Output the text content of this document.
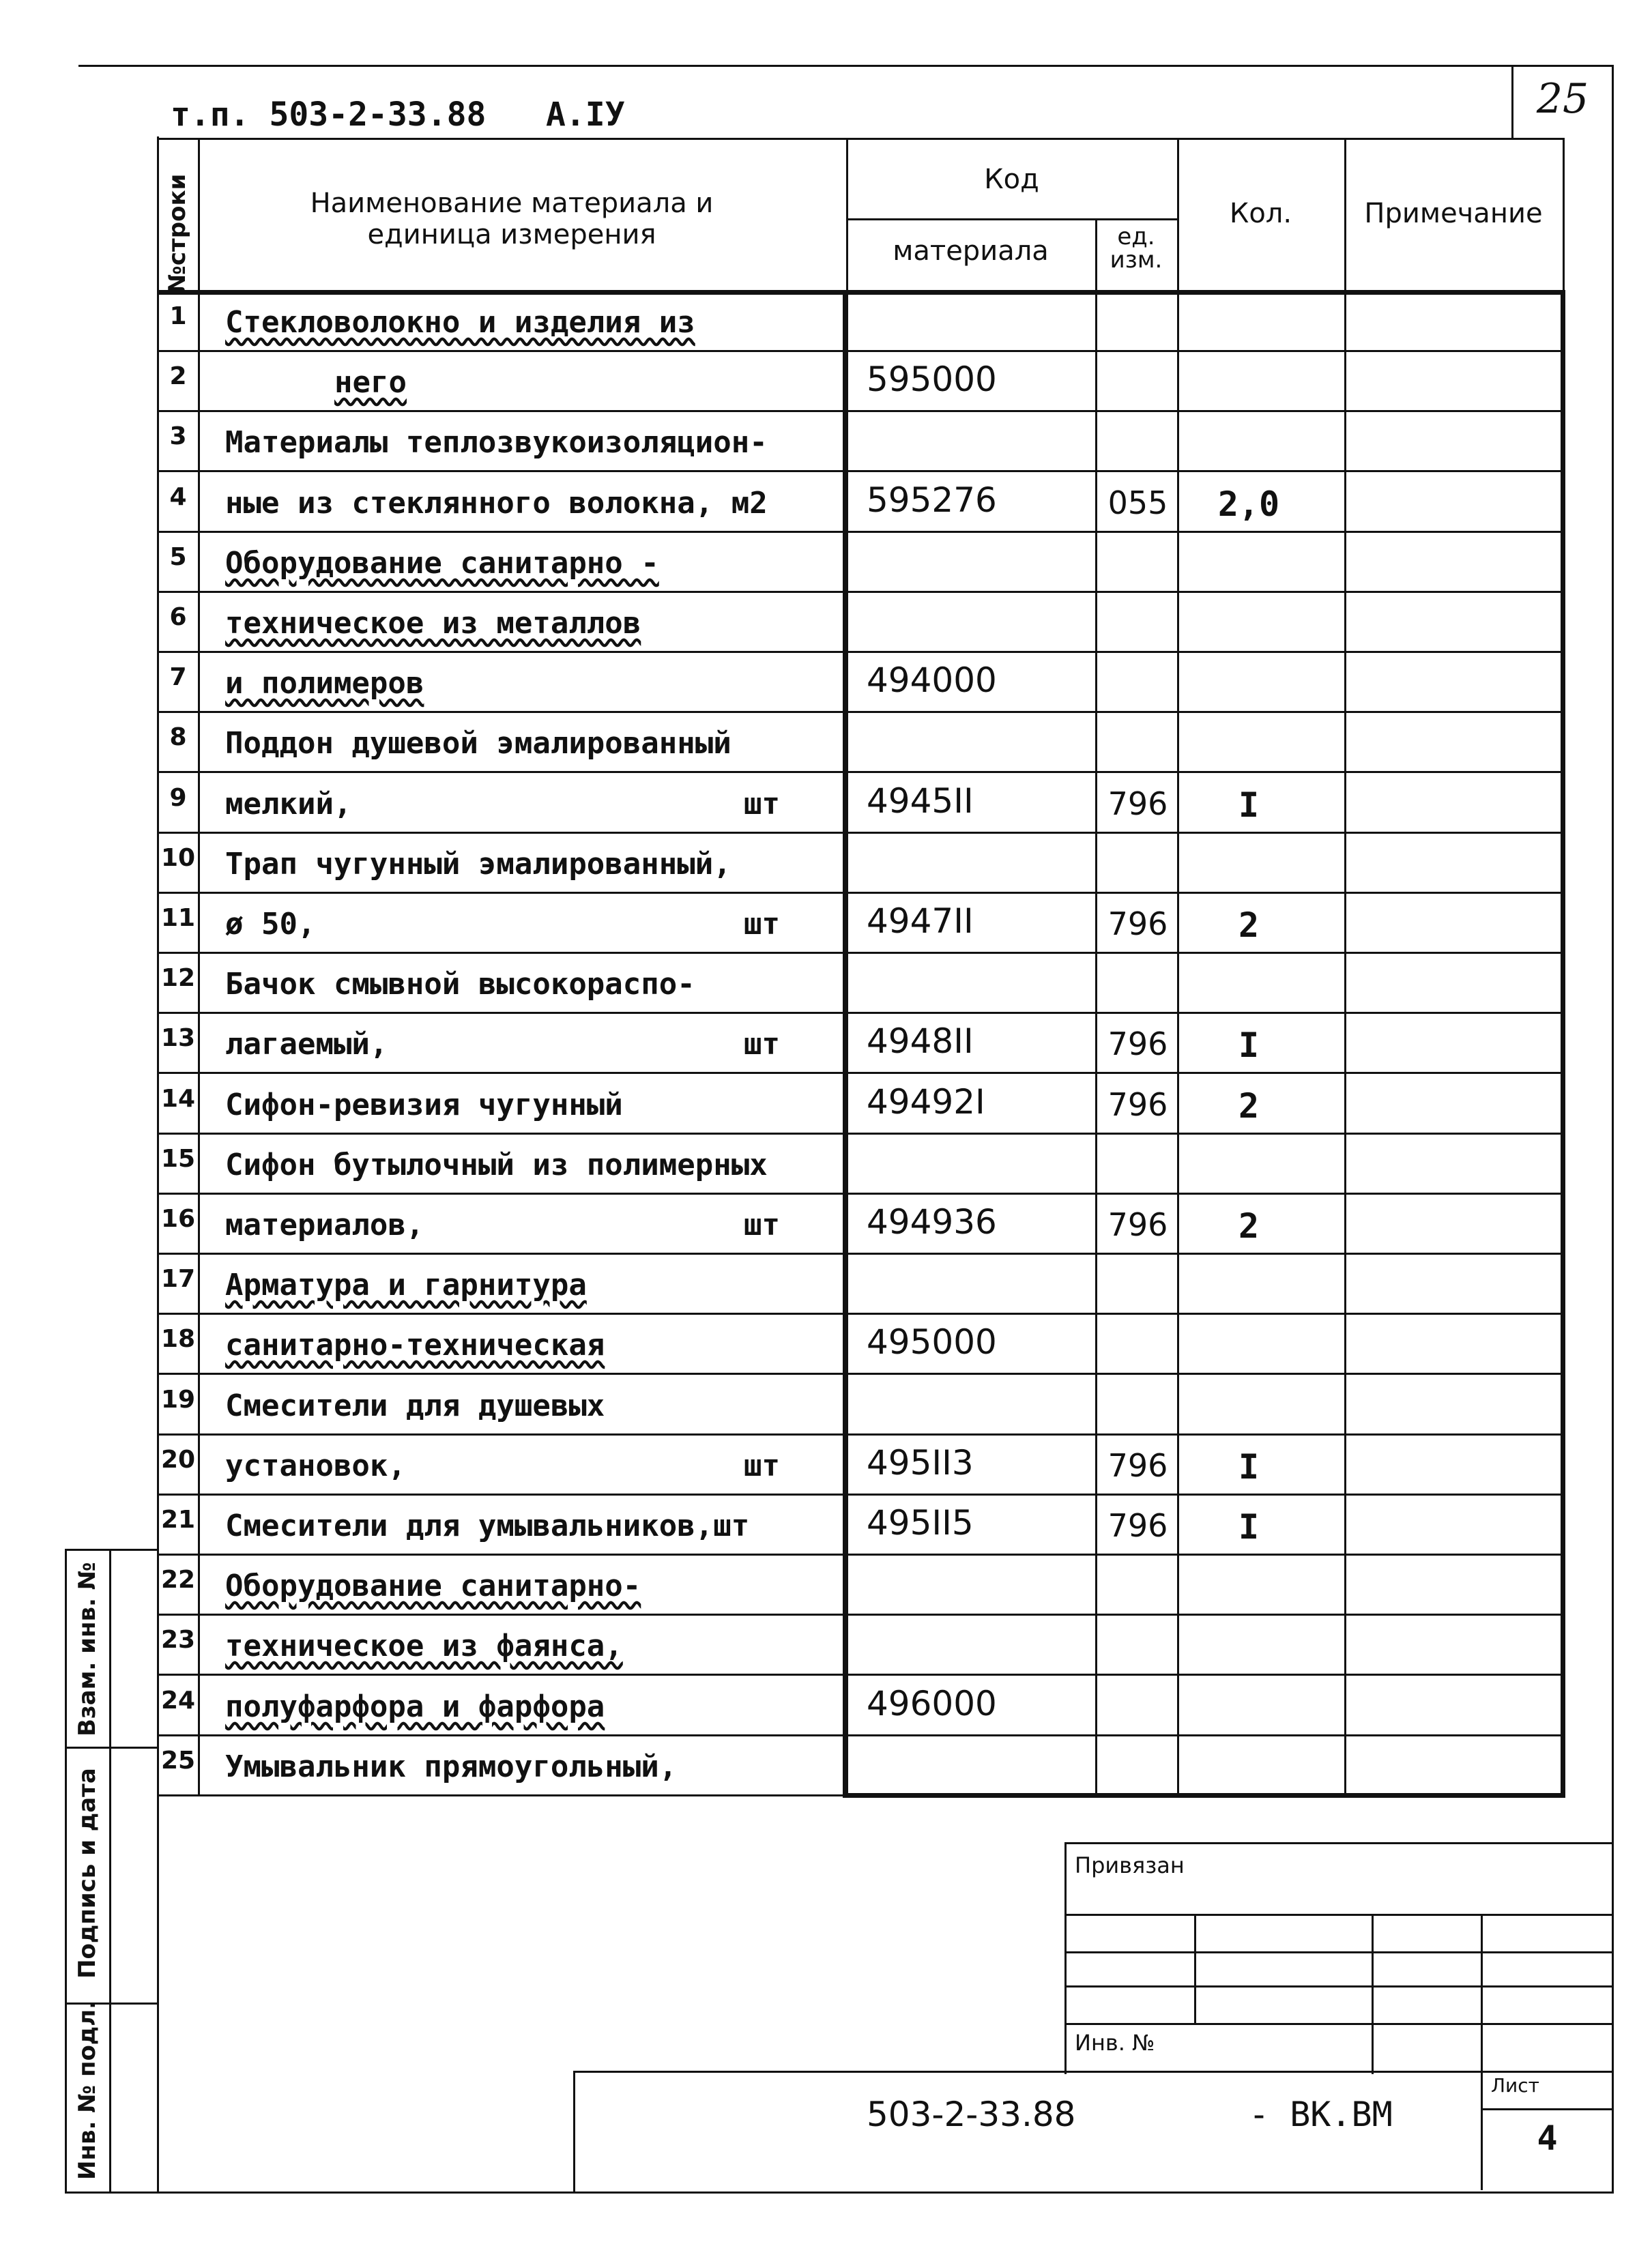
25
т.п. 503-2-33.88 А.IУ
№строки	Наименование материала и единица измерения
Код
материала	ед. изм.
Кол.	Примечание
1	Стекловолокно и изделия из
2	него	595000
3	Материалы теплозвукоизоляцион-
4	ные из стеклянного волокна, м2	595276	055	2,0
5	Оборудование санитарно -
6	техническое из металлов
7	и полимеров	494000
8	Поддон душевой эмалированный
9	мелкий,	шт	4945II	796	I
10 Трап чугунный эмалированный,
11 ø 50,	шт	4947II	796	2
12 Бачок смывной высокораспо-
13 лагаемый,	шт	4948II	796	I
14 Сифон-ревизия чугунный	49492I	796	2
15 Сифон бутылочный из полимерных
16 материалов,	шт	494936	796	2
17 Арматура и гарнитура
18 санитарно-техническая	495000
19 Смесители для душевых
20 установок,	шт	495II3	796	I
21 Смесители для умывальников,шт	495II5	796	I
22 Оборудование санитарно-
23 техническое из фаянса,
24 полуфарфора и фарфора	496000
25 Умывальник прямоугольный,
Взам. инв. №
Подпись и дата
Инв. № подл.
Привязан
Инв. №
503-2-33.88	- ВК.ВМ
Лист
4
